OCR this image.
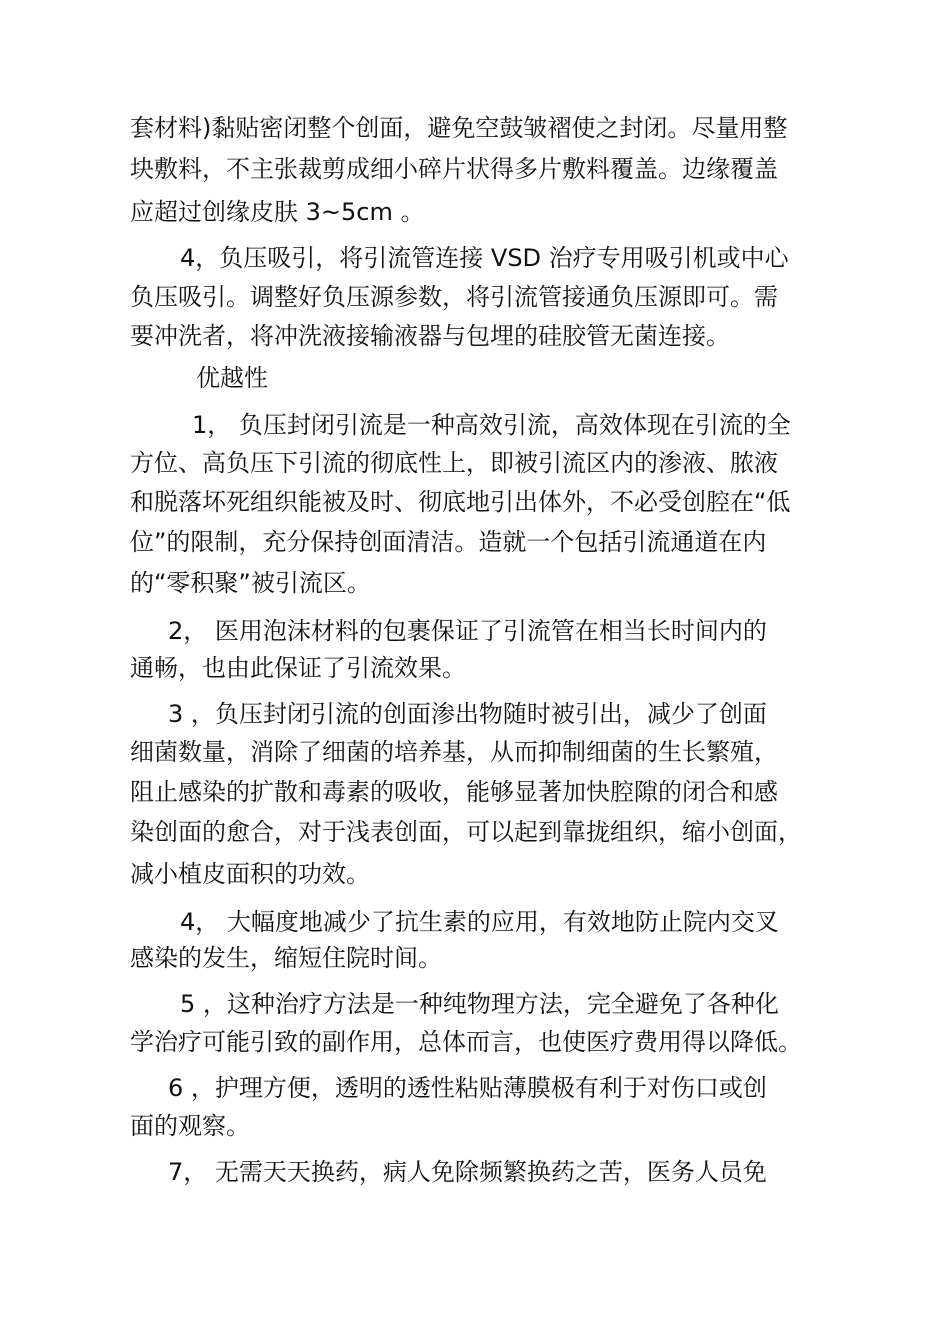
套材料)黏贴密闭整个创面，避免空鼓皱褶使之封闭。尽量用整
块敷料，不主张裁剪成细小碎片状得多片敷料覆盖。边缘覆盖
应超过创缘皮肤 3~5cm 。
4，负压吸引，将引流管连接 VSD 治疗专用吸引机或中心
负压吸引。调整好负压源参数，将引流管接通负压源即可。需
要冲洗者，将冲洗液接输液器与包埋的硅胶管无菌连接。
优越性
1， 负压封闭引流是一种高效引流，高效体现在引流的全
方位、高负压下引流的彻底性上，即被引流区内的渗液、脓液
和脱落坏死组织能被及时、彻底地引出体外，不必受创腔在“低
位”的限制，充分保持创面清洁。造就一个包括引流通道在内
的“零积聚”被引流区。
2， 医用泡沫材料的包裹保证了引流管在相当长时间内的
通畅，也由此保证了引流效果。
3 ，负压封闭引流的创面渗出物随时被引出，减少了创面
细菌数量，消除了细菌的培养基，从而抑制细菌的生长繁殖，
阻止感染的扩散和毒素的吸收，能够显著加快腔隙的闭合和感
染创面的愈合，对于浅表创面，可以起到靠拢组织，缩小创面，
减小植皮面积的功效。
4， 大幅度地减少了抗生素的应用，有效地防止院内交叉
感染的发生，缩短住院时间。
5 ，这种治疗方法是一种纯物理方法，完全避免了各种化
学治疗可能引致的副作用，总体而言，也使医疗费用得以降低。
6 ，护理方便，透明的透性粘贴薄膜极有利于对伤口或创
面的观察。
7， 无需天天换药，病人免除频繁换药之苦，医务人员免
